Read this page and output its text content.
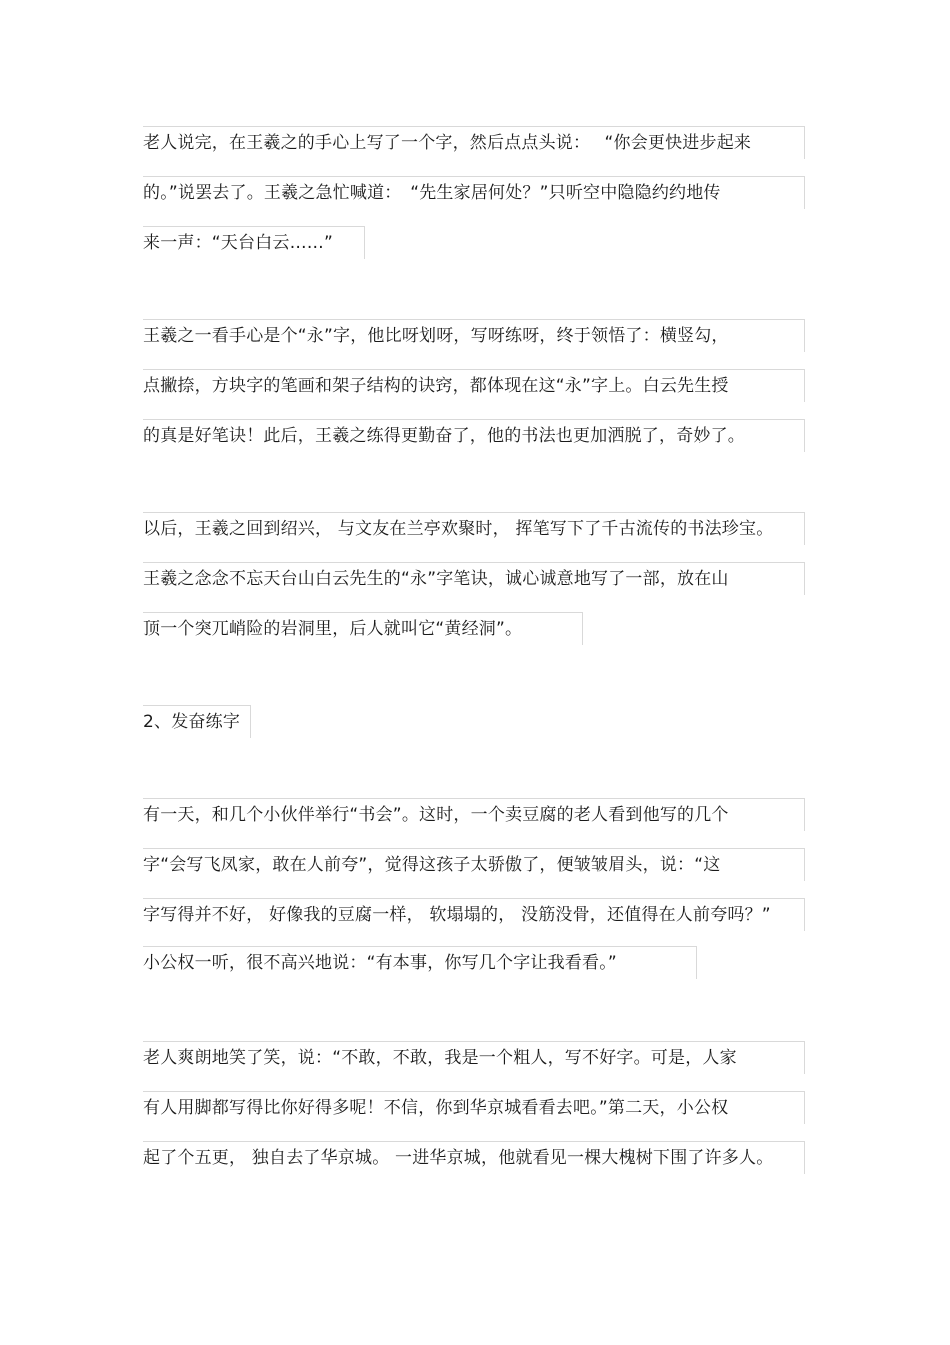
老人说完，在王羲之的手心上写了一个字，然后点点头说：　 “你会更快进步起来
的。”说罢去了。王羲之急忙喊道：　“先生家居何处？”只听空中隐隐约约地传
来一声：“天台白云……”
王羲之一看手心是个“永”字，他比呀划呀，写呀练呀，终于领悟了：横竖勾，
点撇捺，方块字的笔画和架子结构的诀窍，都体现在这“永”字上。白云先生授
的真是好笔诀！此后，王羲之练得更勤奋了，他的书法也更加洒脱了，奇妙了。
以后，王羲之回到绍兴， 与文友在兰亭欢聚时， 挥笔写下了千古流传的书法珍宝。
王羲之念念不忘天台山白云先生的“永”字笔诀，诚心诚意地写了一部，放在山
顶一个突兀峭险的岩洞里，后人就叫它“黄经洞”。
2、发奋练字
有一天，和几个小伙伴举行“书会”。这时，一个卖豆腐的老人看到他写的几个
字“会写飞凤家，敢在人前夸”，觉得这孩子太骄傲了，便皱皱眉头，说：“这
字写得并不好， 好像我的豆腐一样， 软塌塌的， 没筋没骨，还值得在人前夸吗？”
小公权一听，很不高兴地说：“有本事，你写几个字让我看看。”
老人爽朗地笑了笑，说：“不敢，不敢，我是一个粗人，写不好字。可是，人家
有人用脚都写得比你好得多呢！不信，你到华京城看看去吧。”第二天，小公权
起了个五更， 独自去了华京城。 一进华京城，他就看见一棵大槐树下围了许多人。
